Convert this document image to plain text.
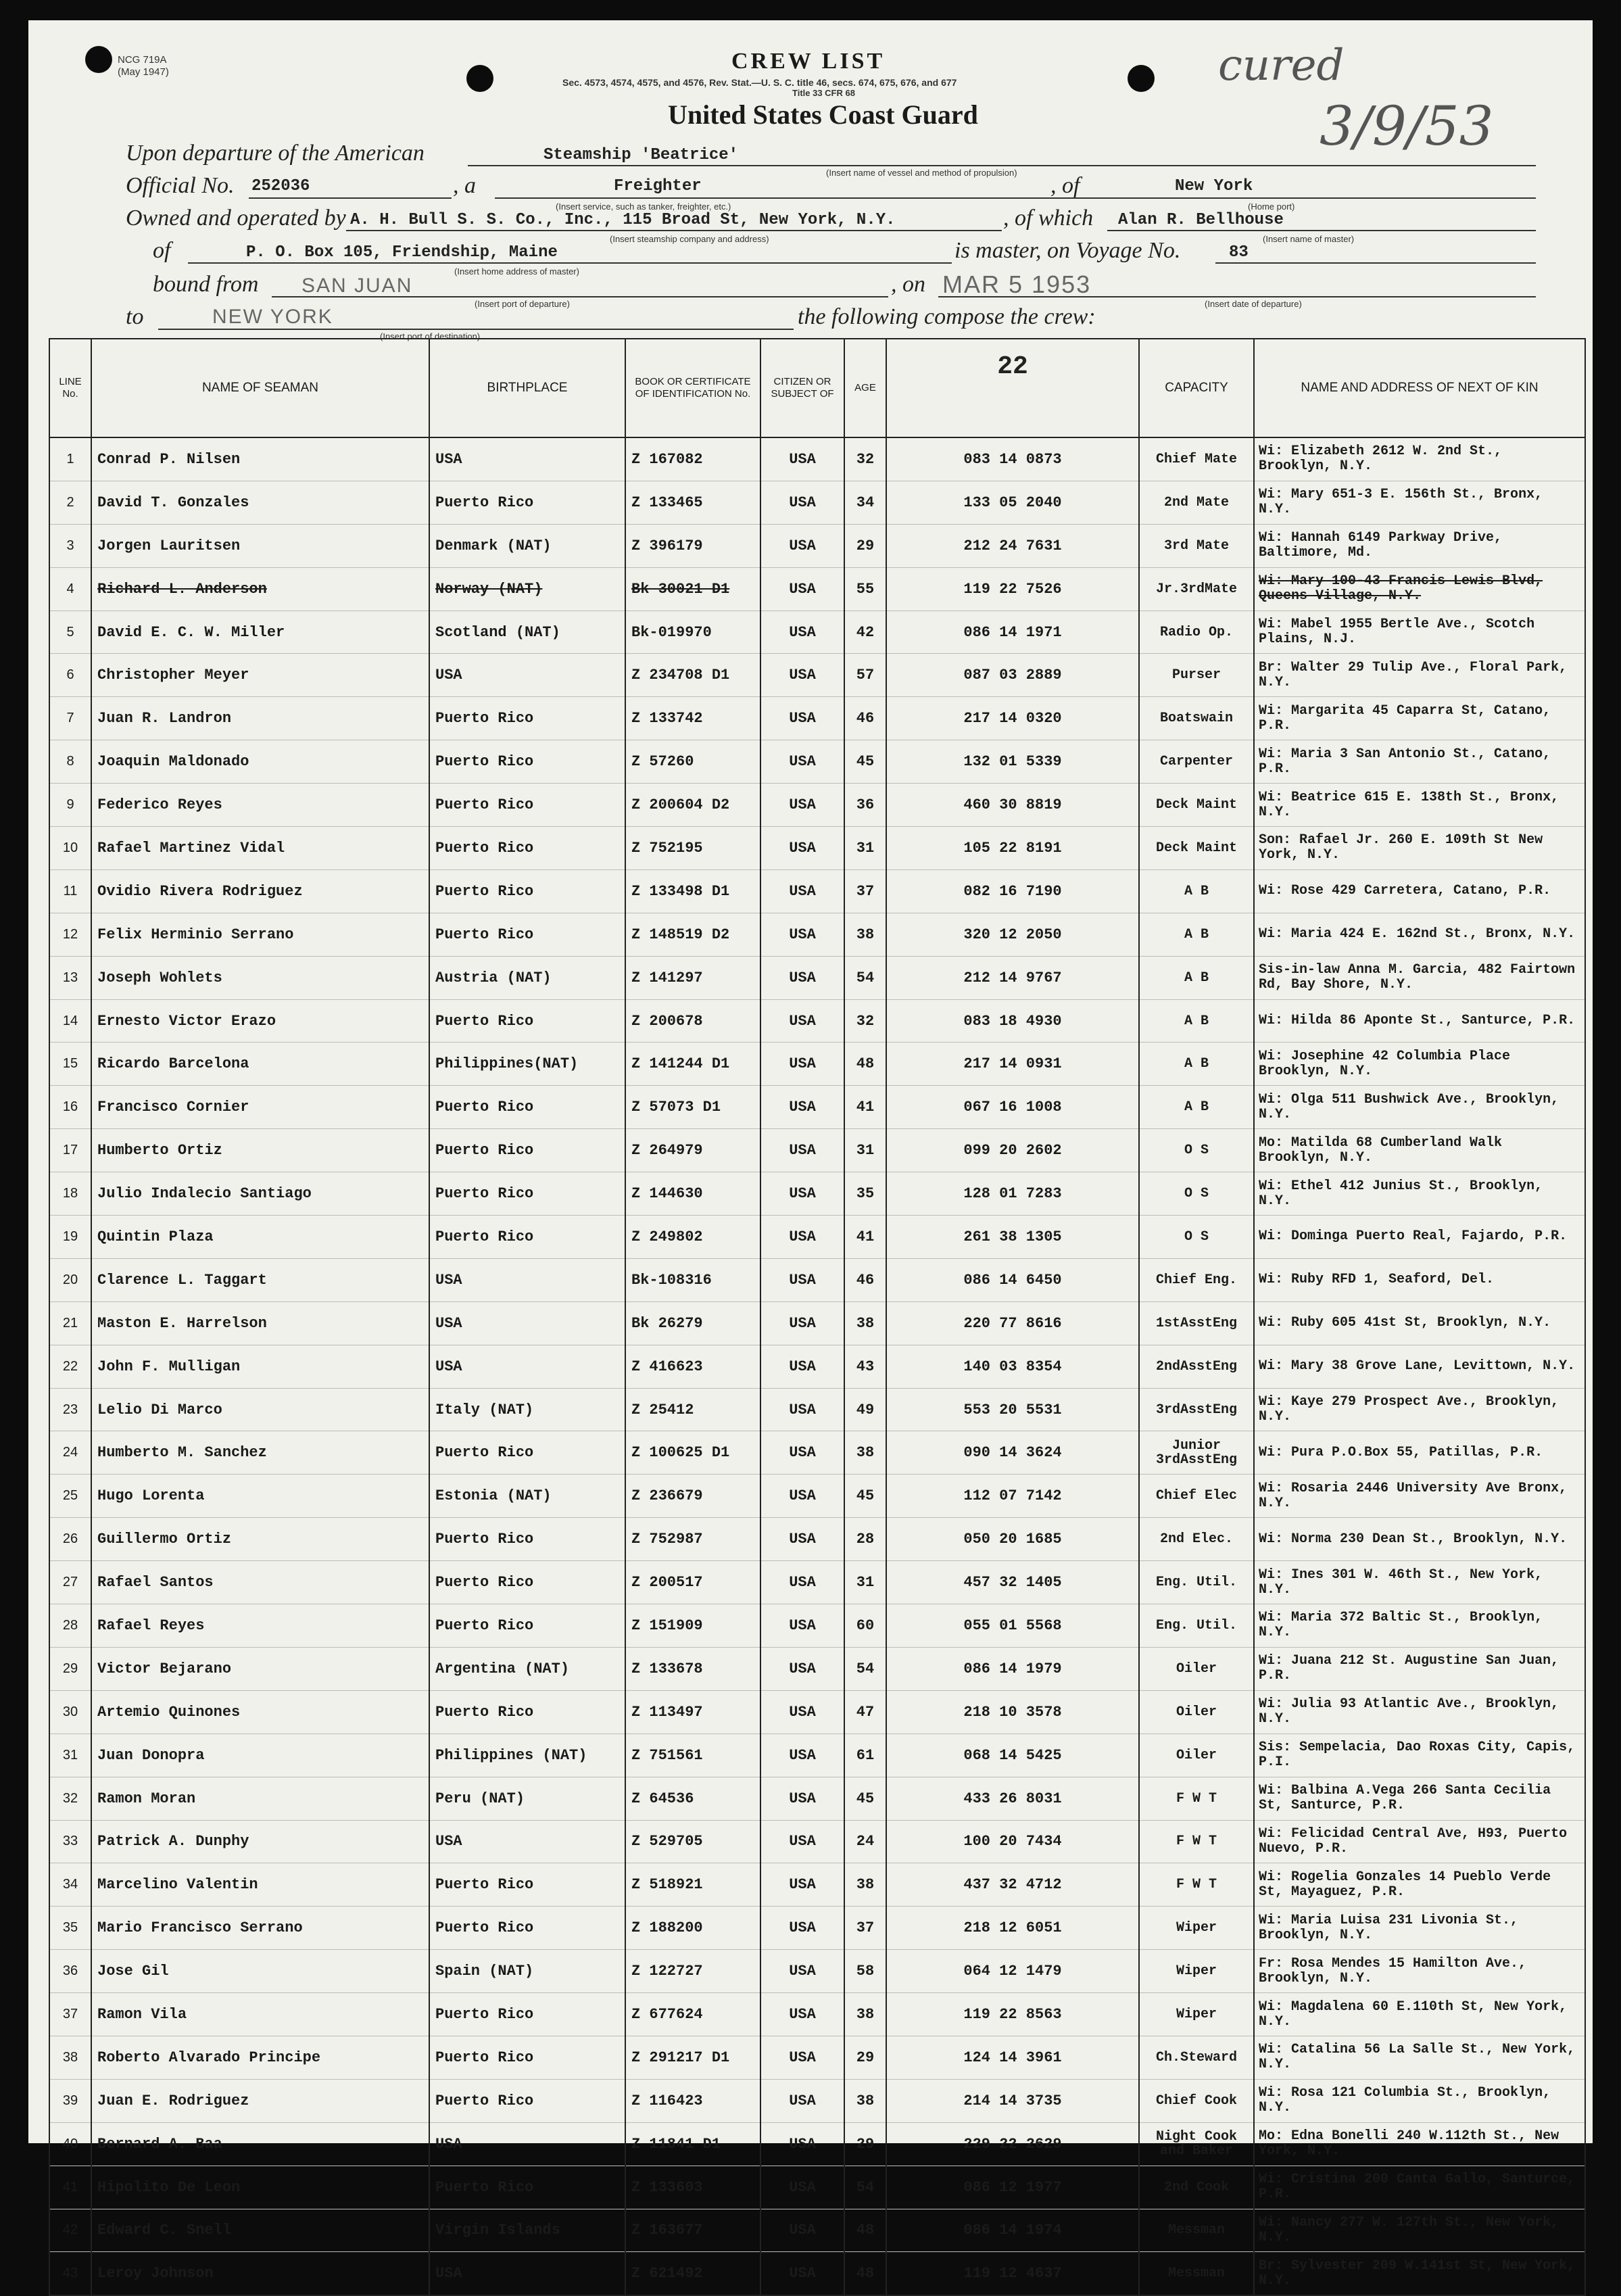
NCG 719A
(May 1947)	CREW LIST
Sec. 4573, 4574, 4575, and 4576, Rev. Stat.—U. S. C. title 46, secs. 674, 675, 676, and 677
Title 33 CFR 68
United States Coast Guard
cured
3/9/53
Upon departure of the American	Steamship 'Beatrice'
(Insert name of vessel and method of propulsion)
Official No. 252036	, a	Freighter
(Insert service, such as tanker, freighter, etc.)
, of	New York
(Home port)
Owned and operated by A. H. Bull S. S. Co., Inc., 115 Broad St, New York, N.Y.
(Insert steamship company and address)
, of which Alan R. Bellhouse
(Insert name of master)
of	P. O. Box 105, Friendship, Maine
(Insert home address of master)
is master, on Voyage No.	83
bound from SAN JUAN
(Insert port of departure)
, on MAR 5 1953
(Insert date of departure)
to	NEW YORK
(Insert port of destination)
the following compose the crew:
LINE No.	NAME OF SEAMAN	BIRTHPLACE	BOOK OR CERTIFICATE OF IDENTIFICATION No.	CITIZEN OR SUBJECT OF	AGE	22	CAPACITY	NAME AND ADDRESS OF NEXT OF KIN
1	Conrad P. Nilsen	USA	Z 167082	USA	32	083 14 0873	Chief Mate	Wi: Elizabeth 2612 W. 2nd St., Brooklyn, N.Y.
2	David T. Gonzales	Puerto Rico	Z 133465	USA	34	133 05 2040	2nd Mate	Wi: Mary 651-3 E. 156th St., Bronx, N.Y.
3	Jorgen Lauritsen	Denmark (NAT)	Z 396179	USA	29	212 24 7631	3rd Mate	Wi: Hannah 6149 Parkway Drive, Baltimore, Md.
4	Richard L. Anderson	Norway (NAT)	Bk 30021 D1	USA	55	119 22 7526	Jr.3rdMate	Wi: Mary 100-43 Francis Lewis Blvd, Queens Village, N.Y.
5	David E. C. W. Miller	Scotland (NAT)	Bk-019970	USA	42	086 14 1971	Radio Op.	Wi: Mabel 1955 Bertle Ave., Scotch Plains, N.J.
6	Christopher Meyer	USA	Z 234708 D1	USA	57	087 03 2889	Purser	Br: Walter 29 Tulip Ave., Floral Park, N.Y.
7	Juan R. Landron	Puerto Rico	Z 133742	USA	46	217 14 0320	Boatswain	Wi: Margarita 45 Caparra St, Catano, P.R.
8	Joaquin Maldonado	Puerto Rico	Z 57260	USA	45	132 01 5339	Carpenter	Wi: Maria 3 San Antonio St., Catano, P.R.
9	Federico Reyes	Puerto Rico	Z 200604 D2	USA	36	460 30 8819	Deck Maint	Wi: Beatrice 615 E. 138th St., Bronx, N.Y.
10	Rafael Martinez Vidal	Puerto Rico	Z 752195	USA	31	105 22 8191	Deck Maint	Son: Rafael Jr. 260 E. 109th St New York, N.Y.
11	Ovidio Rivera Rodriguez	Puerto Rico	Z 133498 D1	USA	37	082 16 7190	A B	Wi: Rose 429 Carretera, Catano, P.R.
12	Felix Herminio Serrano	Puerto Rico	Z 148519 D2	USA	38	320 12 2050	A B	Wi: Maria 424 E. 162nd St., Bronx, N.Y.
13	Joseph Wohlets	Austria (NAT)	Z 141297	USA	54	212 14 9767	A B	Sis-in-law Anna M. Garcia, 482 Fairtown Rd, Bay Shore, N.Y.
14	Ernesto Victor Erazo	Puerto Rico	Z 200678	USA	32	083 18 4930	A B	Wi: Hilda 86 Aponte St., Santurce, P.R.
15	Ricardo Barcelona	Philippines(NAT)	Z 141244 D1	USA	48	217 14 0931	A B	Wi: Josephine 42 Columbia Place Brooklyn, N.Y.
16	Francisco Cornier	Puerto Rico	Z 57073 D1	USA	41	067 16 1008	A B	Wi: Olga 511 Bushwick Ave., Brooklyn, N.Y.
17	Humberto Ortiz	Puerto Rico	Z 264979	USA	31	099 20 2602	O S	Mo: Matilda 68 Cumberland Walk Brooklyn, N.Y.
18	Julio Indalecio Santiago	Puerto Rico	Z 144630	USA	35	128 01 7283	O S	Wi: Ethel 412 Junius St., Brooklyn, N.Y.
19	Quintin Plaza	Puerto Rico	Z 249802	USA	41	261 38 1305	O S	Wi: Dominga Puerto Real, Fajardo, P.R.
20	Clarence L. Taggart	USA	Bk-108316	USA	46	086 14 6450	Chief Eng.	Wi: Ruby RFD 1, Seaford, Del.
21	Maston E. Harrelson	USA	Bk 26279	USA	38	220 77 8616	1stAsstEng	Wi: Ruby 605 41st St, Brooklyn, N.Y.
22	John F. Mulligan	USA	Z 416623	USA	43	140 03 8354	2ndAsstEng	Wi: Mary 38 Grove Lane, Levittown, N.Y.
23	Lelio Di Marco	Italy (NAT)	Z 25412	USA	49	553 20 5531	3rdAsstEng	Wi: Kaye 279 Prospect Ave., Brooklyn, N.Y.
24	Humberto M. Sanchez	Puerto Rico	Z 100625 D1	USA	38	090 14 3624	Junior 3rdAsstEng	Wi: Pura P.O.Box 55, Patillas, P.R.
25	Hugo Lorenta	Estonia (NAT)	Z 236679	USA	45	112 07 7142	Chief Elec	Wi: Rosaria 2446 University Ave Bronx, N.Y.
26	Guillermo Ortiz	Puerto Rico	Z 752987	USA	28	050 20 1685	2nd Elec.	Wi: Norma 230 Dean St., Brooklyn, N.Y.
27	Rafael Santos	Puerto Rico	Z 200517	USA	31	457 32 1405	Eng. Util.	Wi: Ines 301 W. 46th St., New York, N.Y.
28	Rafael Reyes	Puerto Rico	Z 151909	USA	60	055 01 5568	Eng. Util.	Wi: Maria 372 Baltic St., Brooklyn, N.Y.
29	Victor Bejarano	Argentina (NAT)	Z 133678	USA	54	086 14 1979	Oiler	Wi: Juana 212 St. Augustine San Juan, P.R.
30	Artemio Quinones	Puerto Rico	Z 113497	USA	47	218 10 3578	Oiler	Wi: Julia 93 Atlantic Ave., Brooklyn, N.Y.
31	Juan Donopra	Philippines (NAT)	Z 751561	USA	61	068 14 5425	Oiler	Sis: Sempelacia, Dao Roxas City, Capis, P.I.
32	Ramon Moran	Peru (NAT)	Z 64536	USA	45	433 26 8031	F W T	Wi: Balbina A.Vega 266 Santa Cecilia St, Santurce, P.R.
33	Patrick A. Dunphy	USA	Z 529705	USA	24	100 20 7434	F W T	Wi: Felicidad Central Ave, H93, Puerto Nuevo, P.R.
34	Marcelino Valentin	Puerto Rico	Z 518921	USA	38	437 32 4712	F W T	Wi: Rogelia Gonzales 14 Pueblo Verde St, Mayaguez, P.R.
35	Mario Francisco Serrano	Puerto Rico	Z 188200	USA	37	218 12 6051	Wiper	Wi: Maria Luisa 231 Livonia St., Brooklyn, N.Y.
36	Jose Gil	Spain (NAT)	Z 122727	USA	58	064 12 1479	Wiper	Fr: Rosa Mendes 15 Hamilton Ave., Brooklyn, N.Y.
37	Ramon Vila	Puerto Rico	Z 677624	USA	38	119 22 8563	Wiper	Wi: Magdalena 60 E.110th St, New York, N.Y.
38	Roberto Alvarado Principe	Puerto Rico	Z 291217 D1	USA	29	124 14 3961	Ch.Steward	Wi: Catalina 56 La Salle St., New York, N.Y.
39	Juan E. Rodriguez	Puerto Rico	Z 116423	USA	38	214 14 3735	Chief Cook	Wi: Rosa 121 Columbia St., Brooklyn, N.Y.
40	Bernard A. Baa	USA	Z 11841 D1	USA	29	229 22 2629	Night Cook and Baker	Mo: Edna Bonelli 240 W.112th St., New York, N.Y.
41	Hipolito De Leon	Puerto Rico	Z 133603	USA	54	086 12 1977	2nd Cook	Wi: Cristina 200 Canta Gallo, Santurce, P.R.
42	Edward C. Snell	Virgin Islands	Z 163677	USA	48	086 14 1974	Messman	Wi: Nancy 277 W. 127th St., New York, N.Y.
43	Leroy Johnson	USA	Z 621492	USA	48	119 12 4637	Messman	Br: Sylvester 209 W.141st St, New York, N.Y.
